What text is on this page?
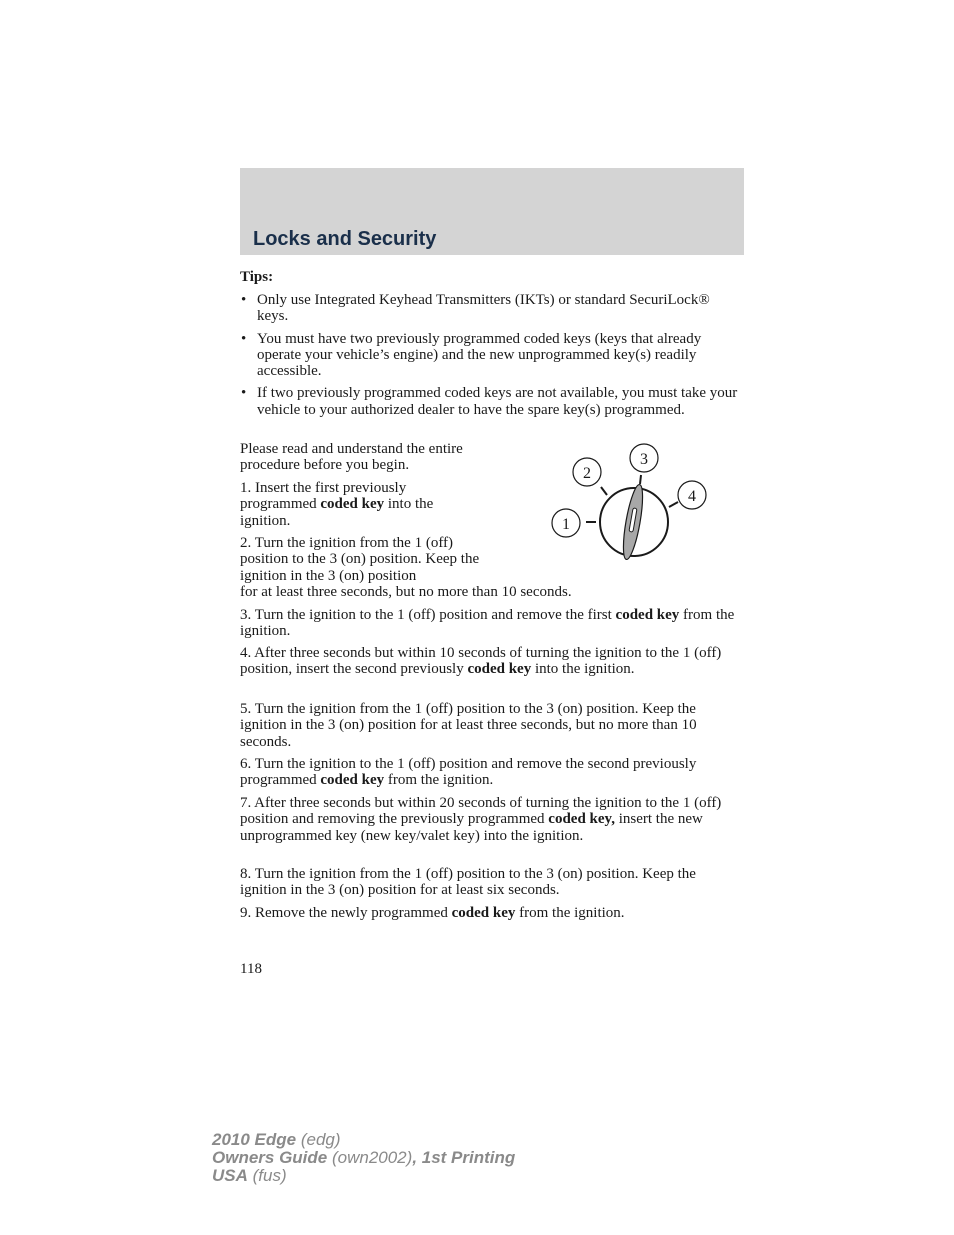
Locks and Security
Tips:
• Only use Integrated Keyhead Transmitters (IKTs) or standard SecuriLock® keys.
• You must have two previously programmed coded keys (keys that already operate your vehicle’s engine) and the new unprogrammed key(s) readily accessible.
• If two previously programmed coded keys are not available, you must take your vehicle to your authorized dealer to have the spare key(s) programmed.

Please read and understand the entire procedure before you begin.

1. Insert the first previously programmed coded key into the ignition.

2. Turn the ignition from the 1 (off) position to the 3 (on) position. Keep the ignition in the 3 (on) position

for at least three seconds, but no more than 10 seconds.

3. Turn the ignition to the 1 (off) position and remove the first coded key from the ignition.

4. After three seconds but within 10 seconds of turning the ignition to the 1 (off) position, insert the second previously coded key into the ignition.

5. Turn the ignition from the 1 (off) position to the 3 (on) position. Keep the ignition in the 3 (on) position for at least three seconds, but no more than 10 seconds.

6. Turn the ignition to the 1 (off) position and remove the second previously programmed coded key from the ignition.

7. After three seconds but within 20 seconds of turning the ignition to the 1 (off) position and removing the previously programmed coded key, insert the new unprogrammed key (new key/valet key) into the ignition.

8. Turn the ignition from the 1 (off) position to the 3 (on) position. Keep the ignition in the 3 (on) position for at least six seconds.

9. Remove the newly programmed coded key from the ignition.

1
2
3
4
118
2010 Edge (edg)
Owners Guide (own2002), 1st Printing
USA (fus)
